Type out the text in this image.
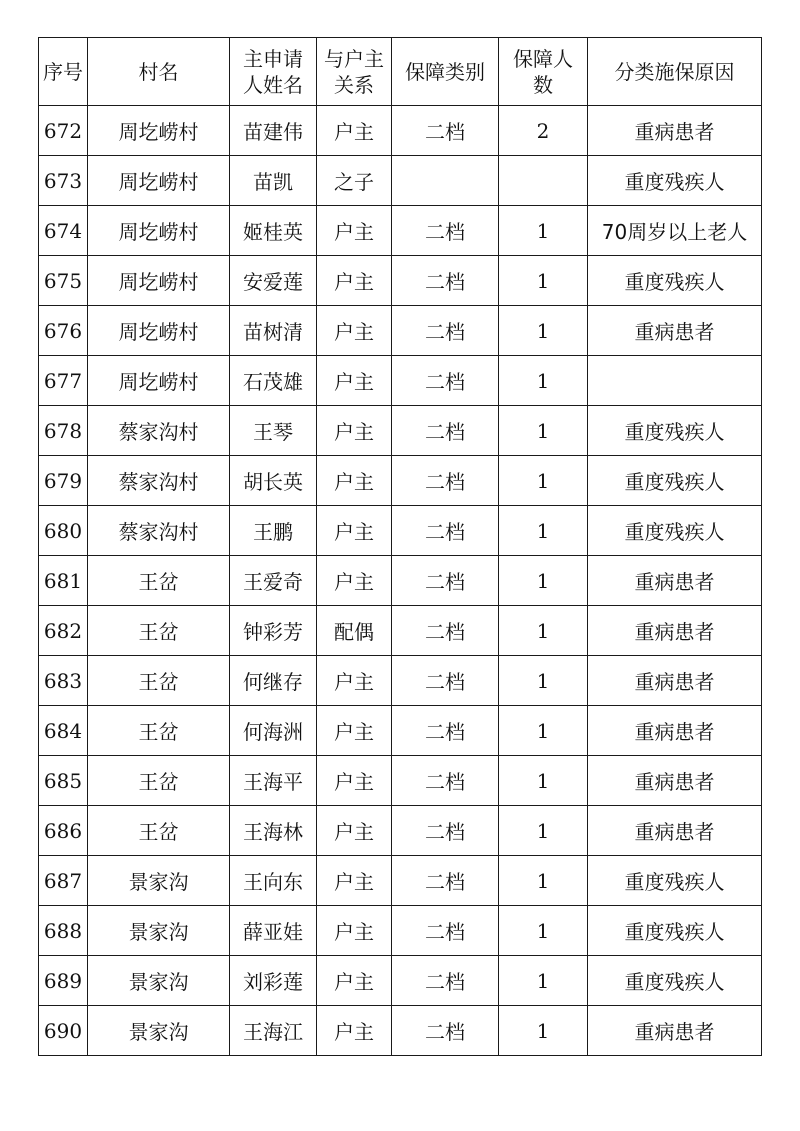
序号	村名	主申请人姓名	与户主关系	保障类别	保障人数	分类施保原因
672	周圪崂村	苗建伟	户主	二档	2	重病患者
673	周圪崂村	苗凯	之子			重度残疾人
674	周圪崂村	姬桂英	户主	二档	1	70周岁以上老人
675	周圪崂村	安爱莲	户主	二档	1	重度残疾人
676	周圪崂村	苗树清	户主	二档	1	重病患者
677	周圪崂村	石茂雄	户主	二档	1	
678	蔡家沟村	王琴	户主	二档	1	重度残疾人
679	蔡家沟村	胡长英	户主	二档	1	重度残疾人
680	蔡家沟村	王鹏	户主	二档	1	重度残疾人
681	王岔	王爱奇	户主	二档	1	重病患者
682	王岔	钟彩芳	配偶	二档	1	重病患者
683	王岔	何继存	户主	二档	1	重病患者
684	王岔	何海洲	户主	二档	1	重病患者
685	王岔	王海平	户主	二档	1	重病患者
686	王岔	王海林	户主	二档	1	重病患者
687	景家沟	王向东	户主	二档	1	重度残疾人
688	景家沟	薛亚娃	户主	二档	1	重度残疾人
689	景家沟	刘彩莲	户主	二档	1	重度残疾人
690	景家沟	王海江	户主	二档	1	重病患者
